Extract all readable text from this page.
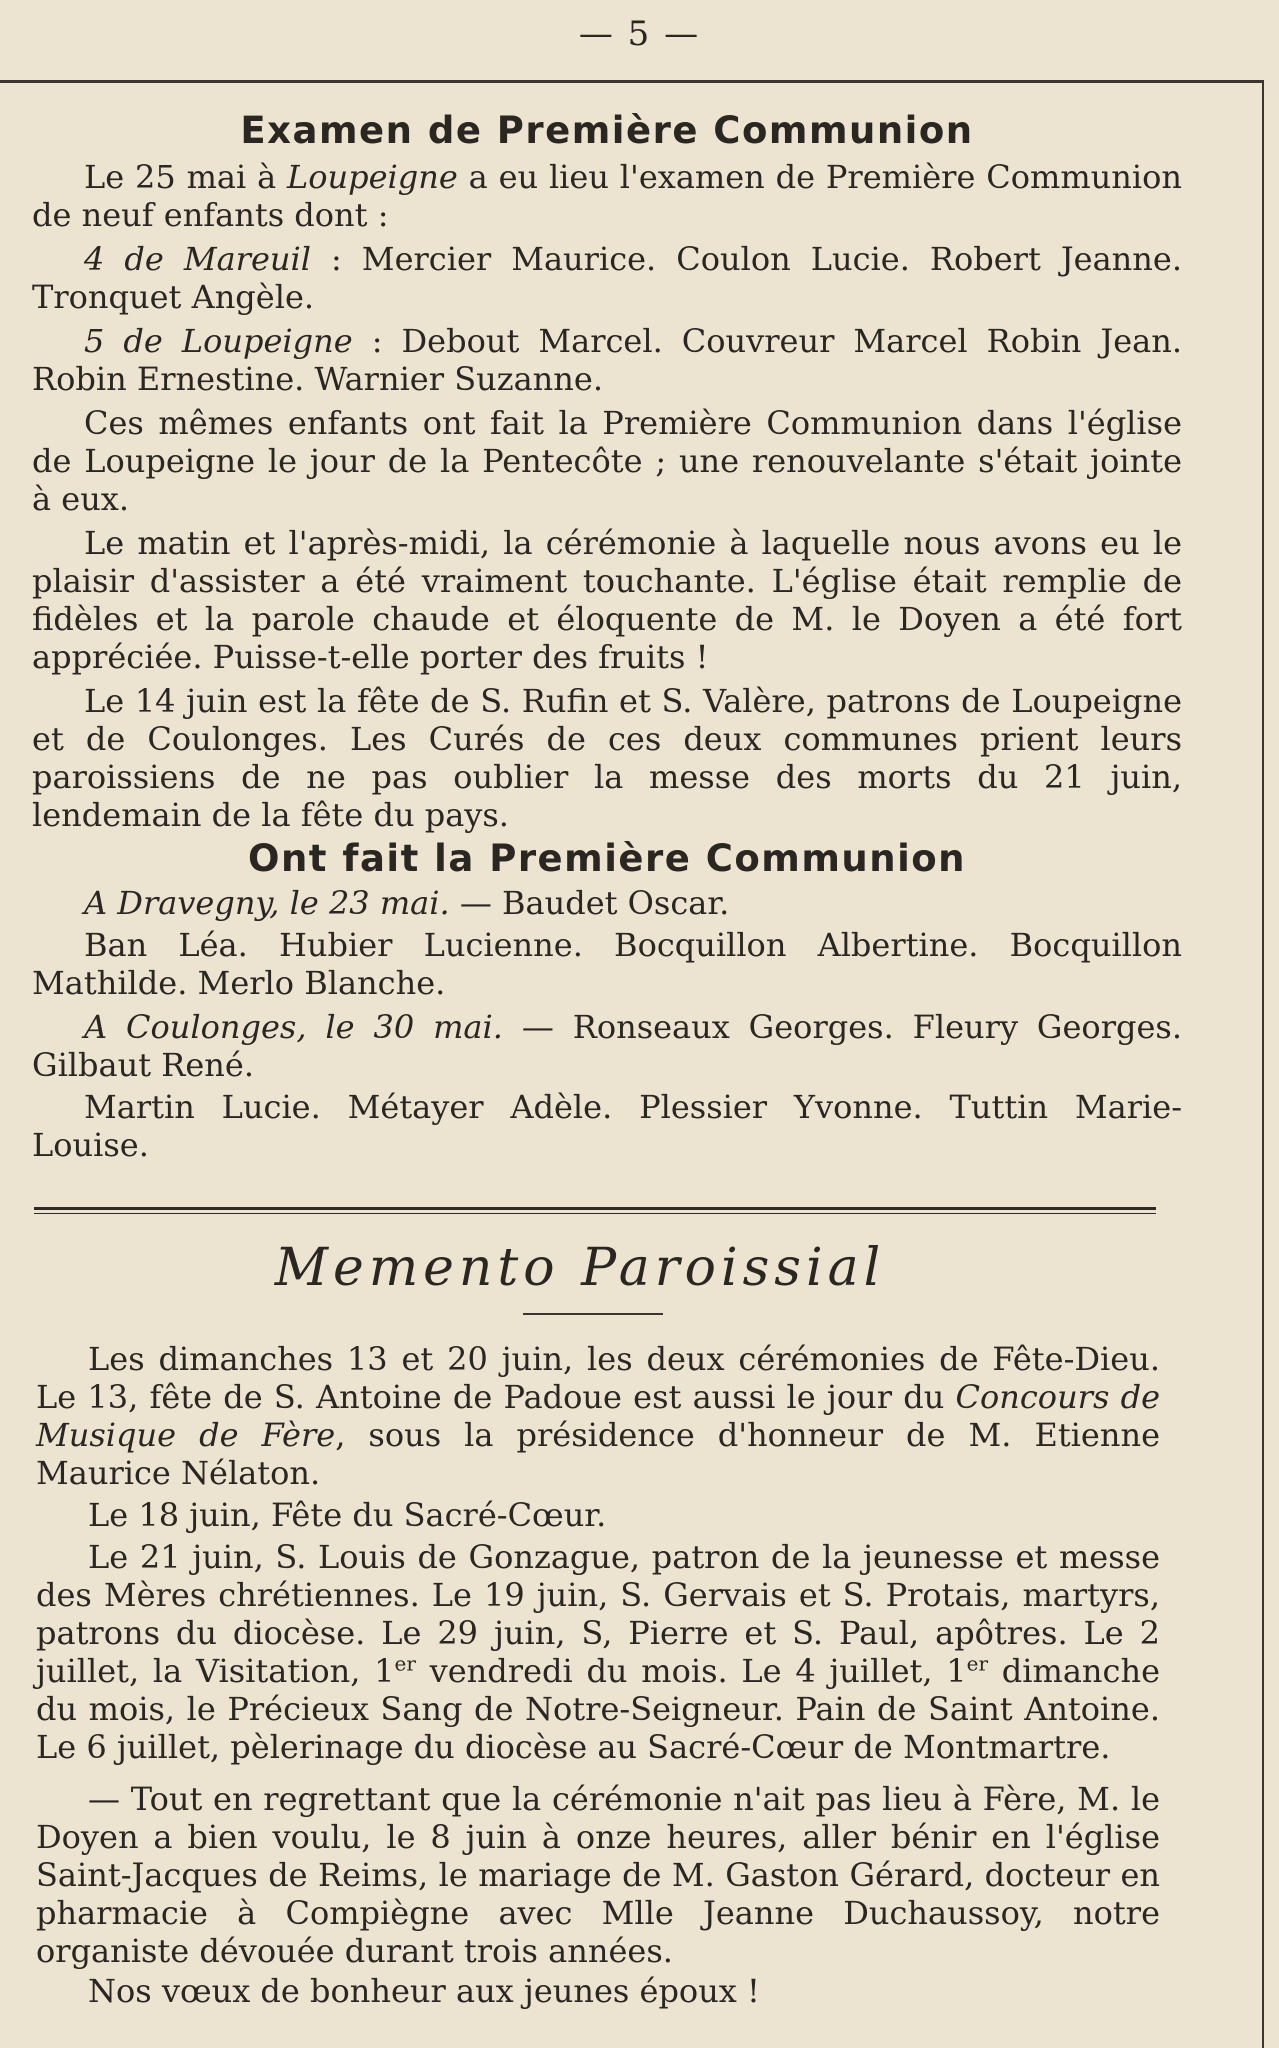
— 5 —
Examen de Première Communion

Le 25 mai à Loupeigne a eu lieu l'examen de Première Communion de neuf enfants dont :

4 de Mareuil : Mercier Maurice. Coulon Lucie. Robert Jeanne. Tronquet Angèle.

5 de Loupeigne : Debout Marcel. Couvreur Marcel Robin Jean. Robin Ernestine. Warnier Suzanne.

Ces mêmes enfants ont fait la Première Communion dans l'église de Loupeigne le jour de la Pentecôte ; une renouvelante s'était jointe à eux.

Le matin et l'après-midi, la cérémonie à laquelle nous avons eu le plaisir d'assister a été vraiment touchante. L'église était remplie de fidèles et la parole chaude et éloquente de M. le Doyen a été fort appréciée. Puisse-t-elle porter des fruits !

Le 14 juin est la fête de S. Rufin et S. Valère, patrons de Loupeigne et de Coulonges. Les Curés de ces deux communes prient leurs paroissiens de ne pas oublier la messe des morts du 21 juin, lendemain de la fête du pays.

Ont fait la Première Communion

A Dravegny, le 23 mai. — Baudet Oscar.

Ban Léa. Hubier Lucienne. Bocquillon Albertine. Bocquillon Mathilde. Merlo Blanche.

A Coulonges, le 30 mai. — Ronseaux Georges. Fleury Georges. Gilbaut René.

Martin Lucie. Métayer Adèle. Plessier Yvonne. Tuttin Marie-Louise.

Memento Paroissial

Les dimanches 13 et 20 juin, les deux cérémonies de Fête-Dieu. Le 13, fête de S. Antoine de Padoue est aussi le jour du Concours de Musique de Fère, sous la présidence d'honneur de M. Etienne Maurice Nélaton.

Le 18 juin, Fête du Sacré-Cœur.

Le 21 juin, S. Louis de Gonzague, patron de la jeunesse et messe des Mères chrétiennes. Le 19 juin, S. Gervais et S. Protais, martyrs, patrons du diocèse. Le 29 juin, S, Pierre et S. Paul, apôtres. Le 2 juillet, la Visitation, 1er vendredi du mois. Le 4 juillet, 1er dimanche du mois, le Précieux Sang de Notre-Seigneur. Pain de Saint Antoine. Le 6 juillet, pèlerinage du diocèse au Sacré-Cœur de Montmartre.

— Tout en regrettant que la cérémonie n'ait pas lieu à Fère, M. le Doyen a bien voulu, le 8 juin à onze heures, aller bénir en l'église Saint-Jacques de Reims, le mariage de M. Gaston Gérard, docteur en pharmacie à Compiègne avec Mlle Jeanne Duchaussoy, notre organiste dévouée durant trois années.

Nos vœux de bonheur aux jeunes époux !
